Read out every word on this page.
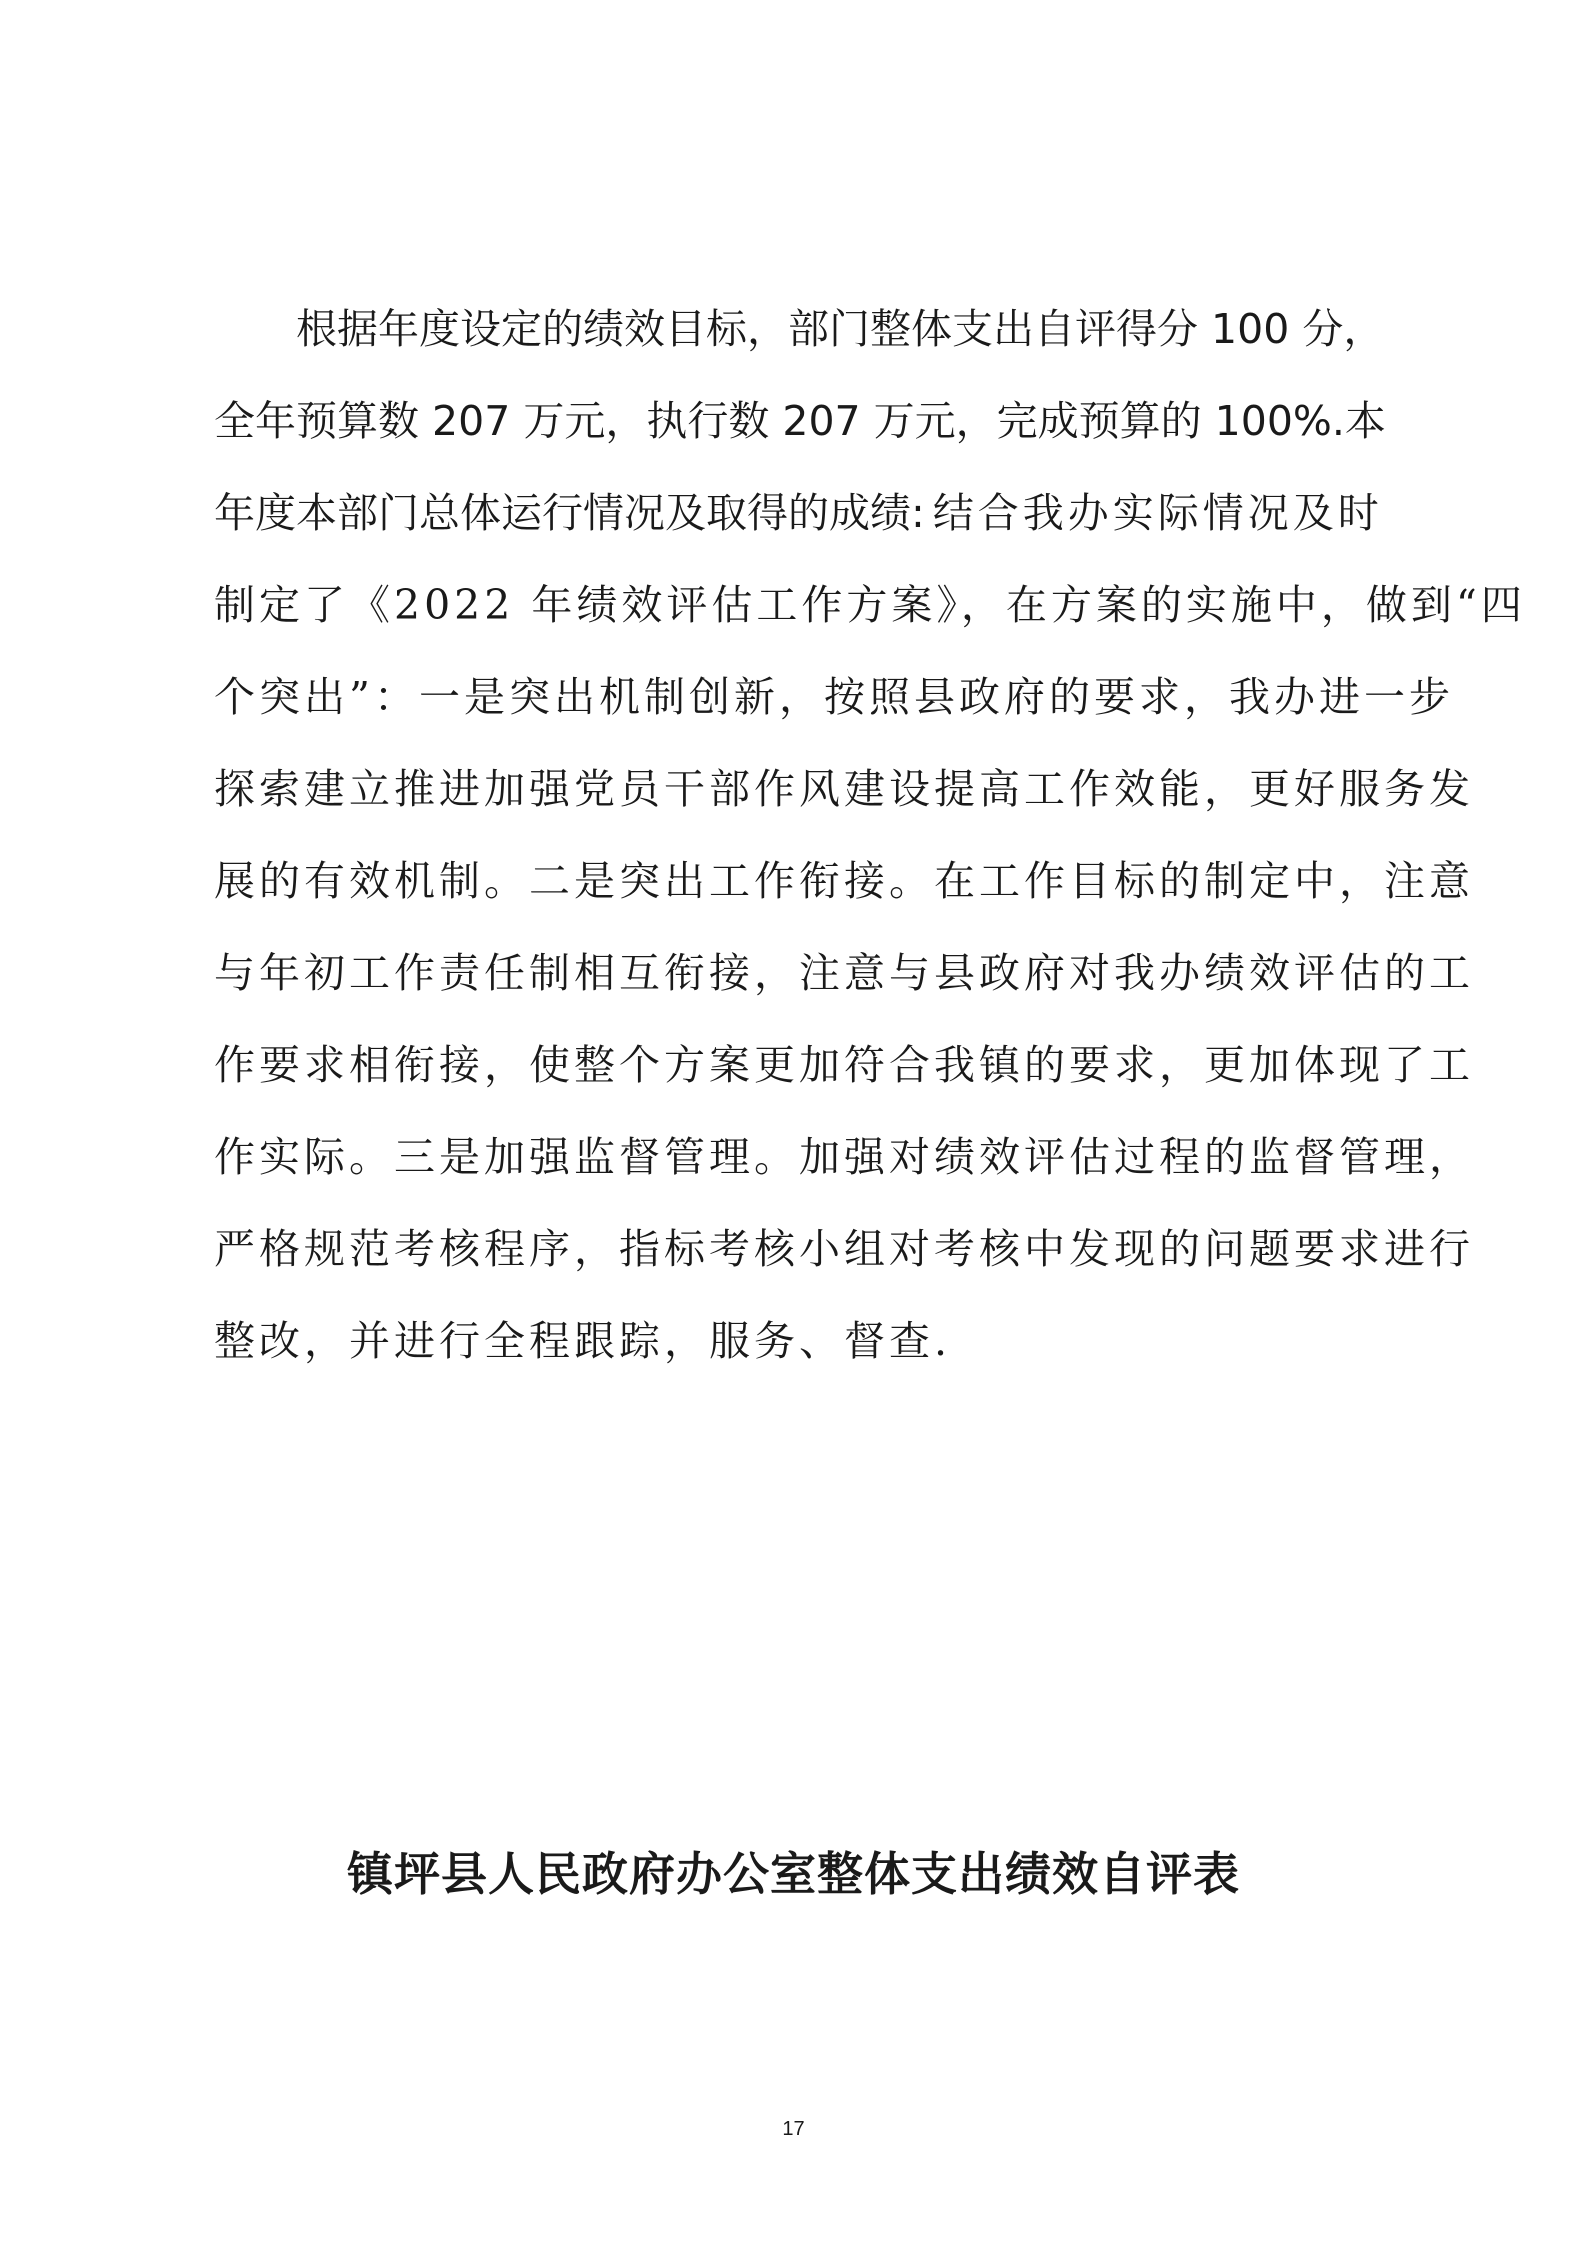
根据年度设定的绩效目标，部门整体支出自评得分 100 分，
全年预算数 207 万元，执行数 207 万元，完成预算的 100%.本
年度本部门总体运行情况及取得的成绩: 结合我办实际情况及时
制定了《2022 年绩效评估工作方案》，在方案的实施中，做到“四
个突出”：一是突出机制创新，按照县政府的要求，我办进一步
探索建立推进加强党员干部作风建设提高工作效能，更好服务发
展的有效机制。二是突出工作衔接。在工作目标的制定中，注意
与年初工作责任制相互衔接，注意与县政府对我办绩效评估的工
作要求相衔接，使整个方案更加符合我镇的要求，更加体现了工
作实际。三是加强监督管理。加强对绩效评估过程的监督管理，
严格规范考核程序，指标考核小组对考核中发现的问题要求进行
整改，并进行全程跟踪，服务、督查.
镇坪县人民政府办公室整体支出绩效自评表
17
